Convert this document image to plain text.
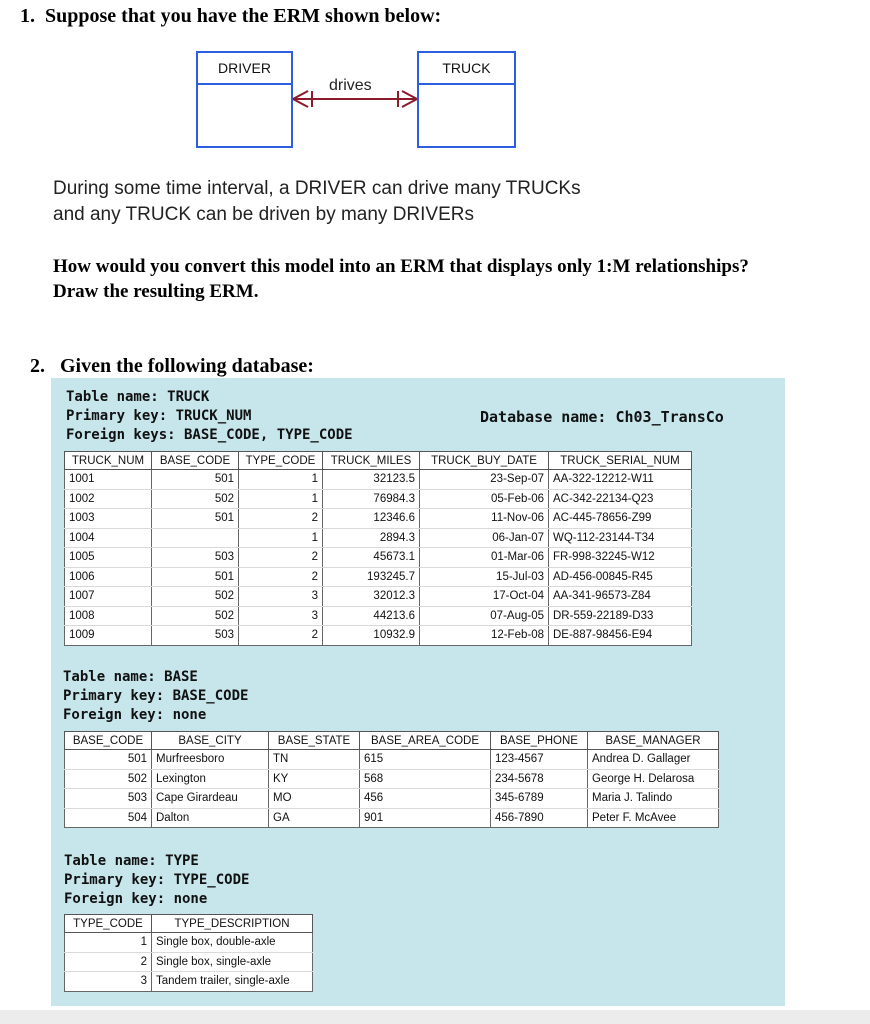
1. Suppose that you have the ERM shown below:
DRIVER	TRUCK
drives
During some time interval, a DRIVER can drive many TRUCKs
and any TRUCK can be driven by many DRIVERs
How would you convert this model into an ERM that displays only 1:M relationships?
Draw the resulting ERM.
2. Given the following database:
Table name: TRUCK
Primary key: TRUCK_NUM
Foreign keys: BASE_CODE, TYPE_CODE
Database name: Ch03_TransCo
TRUCK_NUM	BASE_CODE	TYPE_CODE	TRUCK_MILES	TRUCK_BUY_DATE	TRUCK_SERIAL_NUM
1001	501	1	32123.5	23-Sep-07	AA-322-12212-W11
1002	502	1	76984.3	05-Feb-06	AC-342-22134-Q23
1003	501	2	12346.6	11-Nov-06	AC-445-78656-Z99
1004		1	2894.3	06-Jan-07	WQ-112-23144-T34
1005	503	2	45673.1	01-Mar-06	FR-998-32245-W12
1006	501	2	193245.7	15-Jul-03	AD-456-00845-R45
1007	502	3	32012.3	17-Oct-04	AA-341-96573-Z84
1008	502	3	44213.6	07-Aug-05	DR-559-22189-D33
1009	503	2	10932.9	12-Feb-08	DE-887-98456-E94
Table name: BASE
Primary key: BASE_CODE
Foreign key: none
BASE_CODE	BASE_CITY	BASE_STATE	BASE_AREA_CODE	BASE_PHONE	BASE_MANAGER
501	Murfreesboro	TN	615	123-4567	Andrea D. Gallager
502	Lexington	KY	568	234-5678	George H. Delarosa
503	Cape Girardeau	MO	456	345-6789	Maria J. Talindo
504	Dalton	GA	901	456-7890	Peter F. McAvee
Table name: TYPE
Primary key: TYPE_CODE
Foreign key: none
TYPE_CODE	TYPE_DESCRIPTION
1	Single box, double-axle
2	Single box, single-axle
3	Tandem trailer, single-axle
